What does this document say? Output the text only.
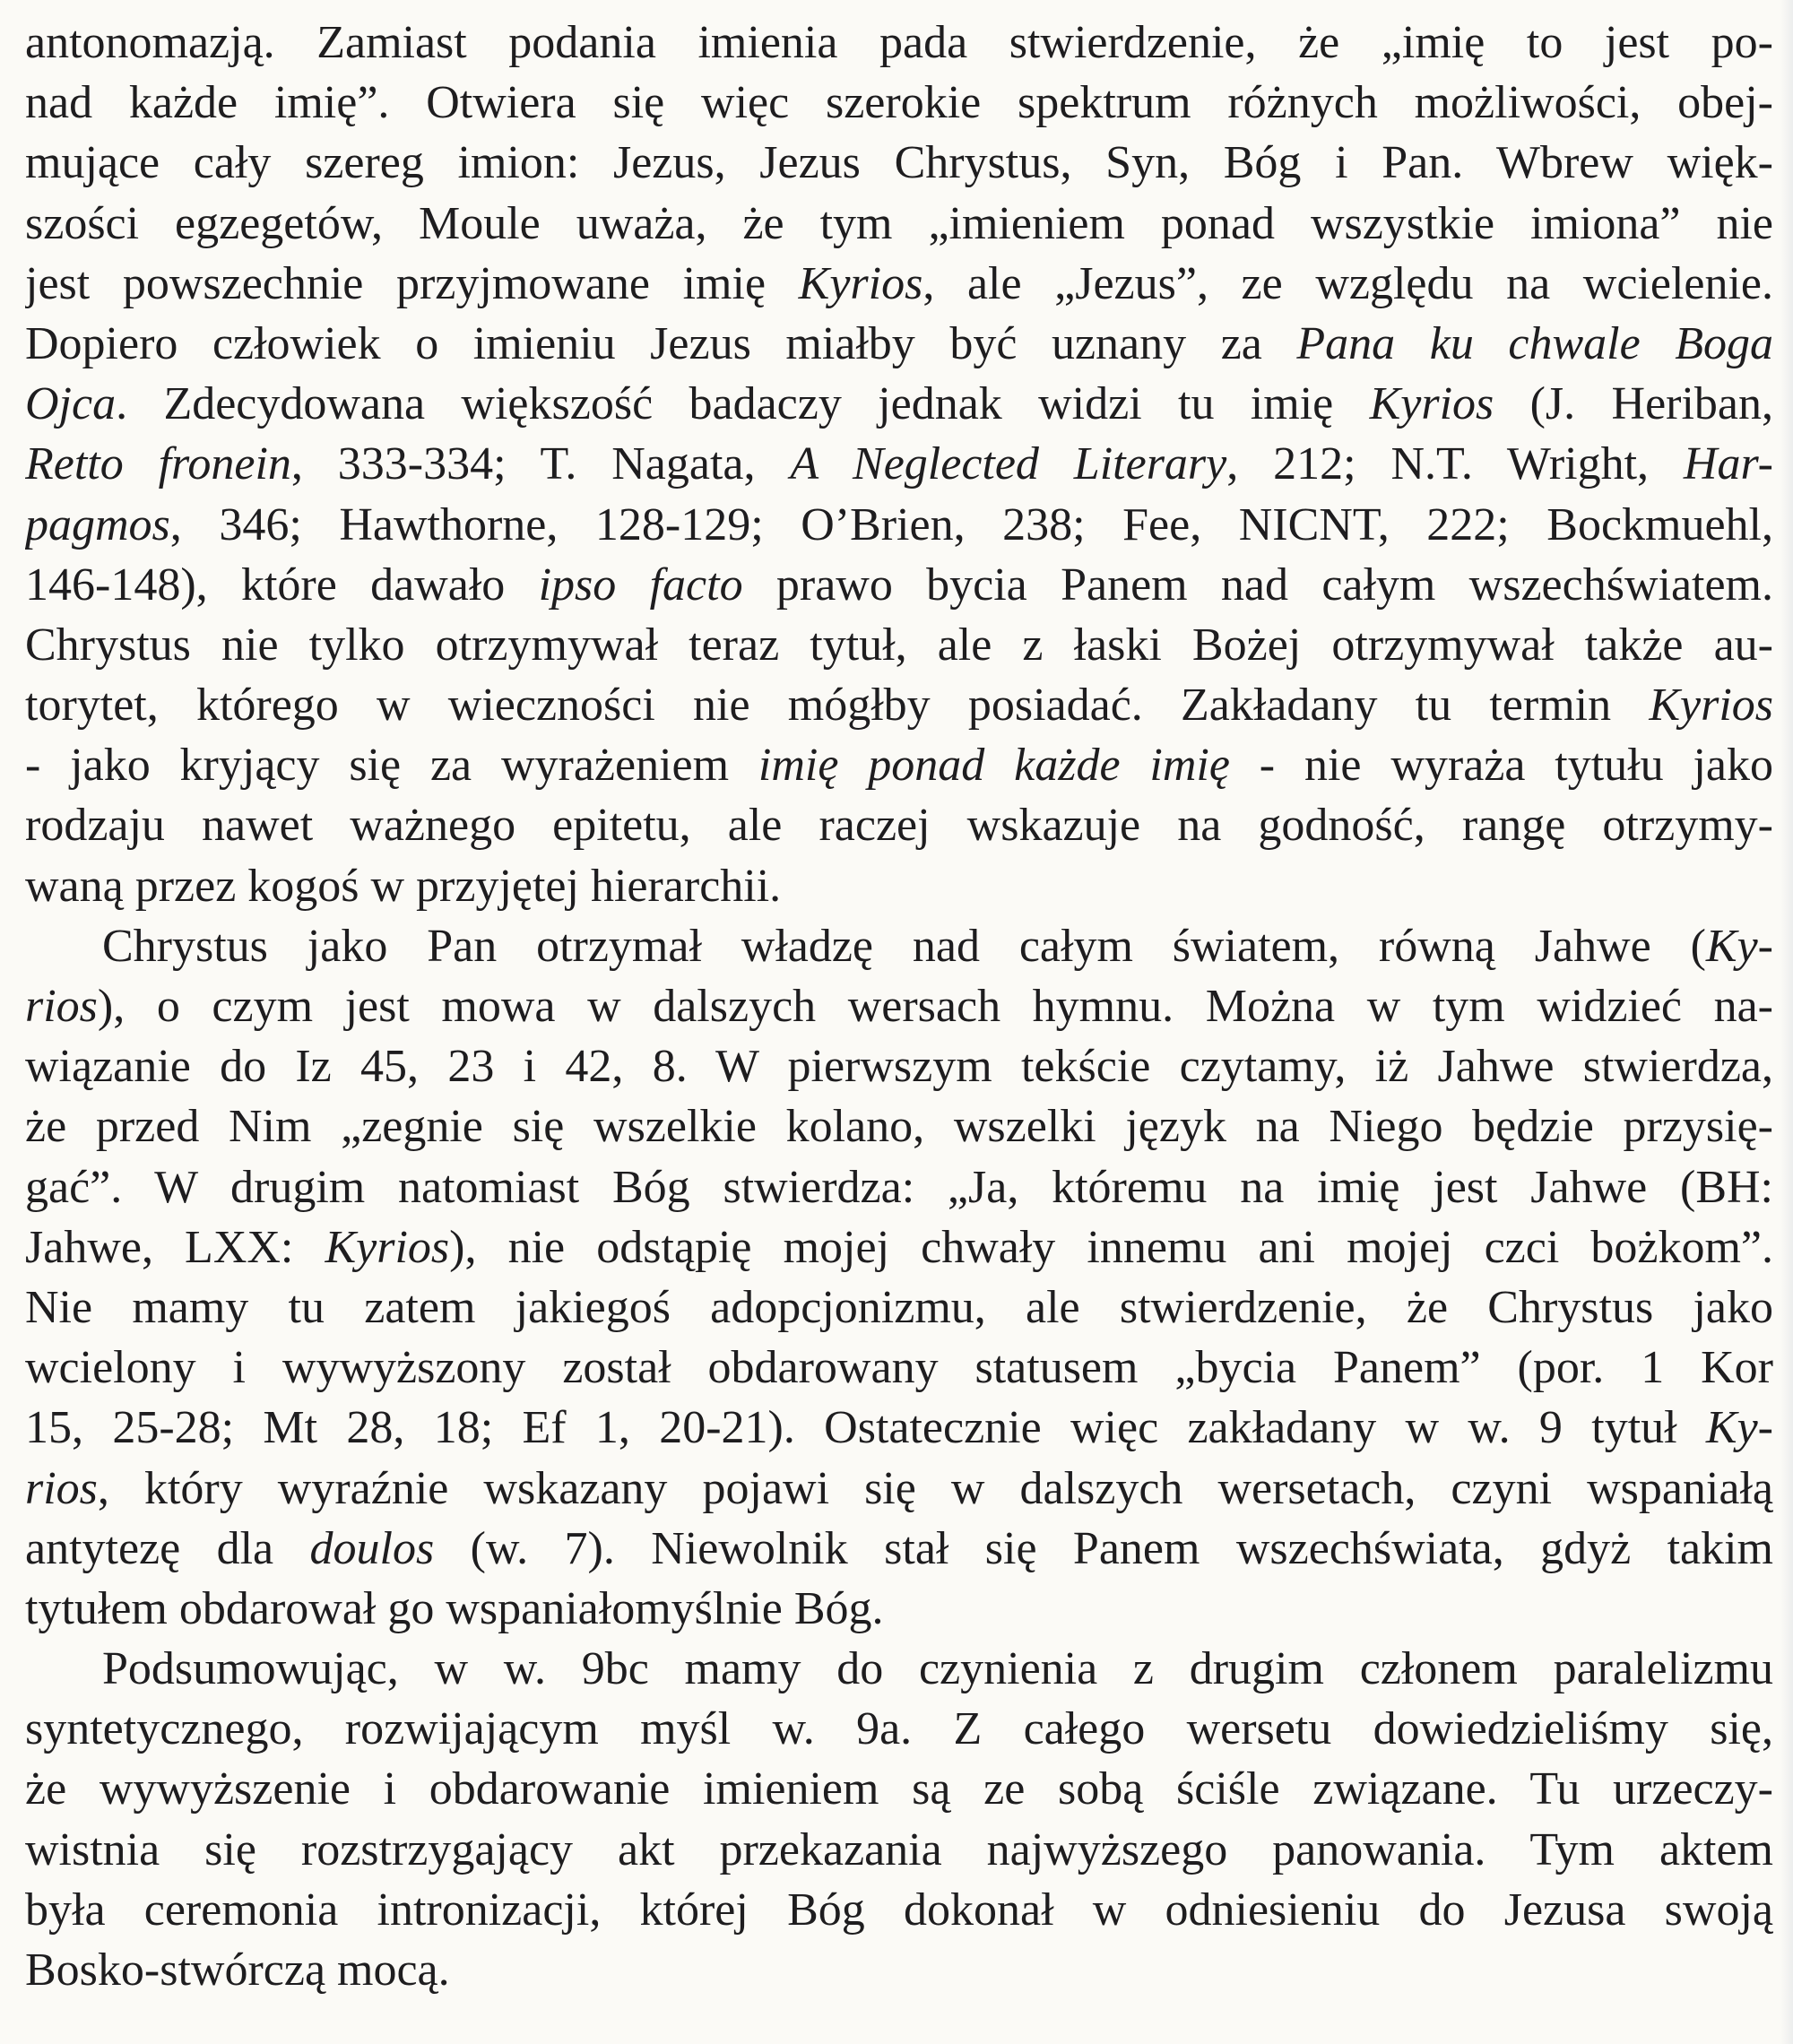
antonomazją. Zamiast podania imienia pada stwierdzenie, że „imię to jest po-
nad każde imię”. Otwiera się więc szerokie spektrum różnych możliwości, obej-
mujące cały szereg imion: Jezus, Jezus Chrystus, Syn, Bóg i Pan. Wbrew więk-
szości egzegetów, Moule uważa, że tym „imieniem ponad wszystkie imiona” nie
jest powszechnie przyjmowane imię Kyrios, ale „Jezus”, ze względu na wcielenie.
Dopiero człowiek o imieniu Jezus miałby być uznany za Pana ku chwale Boga
Ojca. Zdecydowana większość badaczy jednak widzi tu imię Kyrios (J. Heriban,
Retto fronein, 333-334; T. Nagata, A Neglected Literary, 212; N.T. Wright, Har-
pagmos, 346; Hawthorne, 128-129; O’Brien, 238; Fee, NICNT, 222; Bockmuehl,
146-148), które dawało ipso facto prawo bycia Panem nad całym wszechświatem.
Chrystus nie tylko otrzymywał teraz tytuł, ale z łaski Bożej otrzymywał także au-
torytet, którego w wieczności nie mógłby posiadać. Zakładany tu termin Kyrios
- jako kryjący się za wyrażeniem imię ponad każde imię - nie wyraża tytułu jako
rodzaju nawet ważnego epitetu, ale raczej wskazuje na godność, rangę otrzymy-
waną przez kogoś w przyjętej hierarchii.
Chrystus jako Pan otrzymał władzę nad całym światem, równą Jahwe (Ky-
rios), o czym jest mowa w dalszych wersach hymnu. Można w tym widzieć na-
wiązanie do Iz 45, 23 i 42, 8. W pierwszym tekście czytamy, iż Jahwe stwierdza,
że przed Nim „zegnie się wszelkie kolano, wszelki język na Niego będzie przysię-
gać”. W drugim natomiast Bóg stwierdza: „Ja, któremu na imię jest Jahwe (BH:
Jahwe, LXX: Kyrios), nie odstąpię mojej chwały innemu ani mojej czci bożkom”.
Nie mamy tu zatem jakiegoś adopcjonizmu, ale stwierdzenie, że Chrystus jako
wcielony i wywyższony został obdarowany statusem „bycia Panem” (por. 1 Kor
15, 25-28; Mt 28, 18; Ef 1, 20-21). Ostatecznie więc zakładany w w. 9 tytuł Ky-
rios, który wyraźnie wskazany pojawi się w dalszych wersetach, czyni wspaniałą
antytezę dla doulos (w. 7). Niewolnik stał się Panem wszechświata, gdyż takim
tytułem obdarował go wspaniałomyślnie Bóg.
Podsumowując, w w. 9bc mamy do czynienia z drugim członem paralelizmu
syntetycznego, rozwijającym myśl w. 9a. Z całego wersetu dowiedzieliśmy się,
że wywyższenie i obdarowanie imieniem są ze sobą ściśle związane. Tu urzeczy-
wistnia się rozstrzygający akt przekazania najwyższego panowania. Tym aktem
była ceremonia intronizacji, której Bóg dokonał w odniesieniu do Jezusa swoją
Bosko-stwórczą mocą.
